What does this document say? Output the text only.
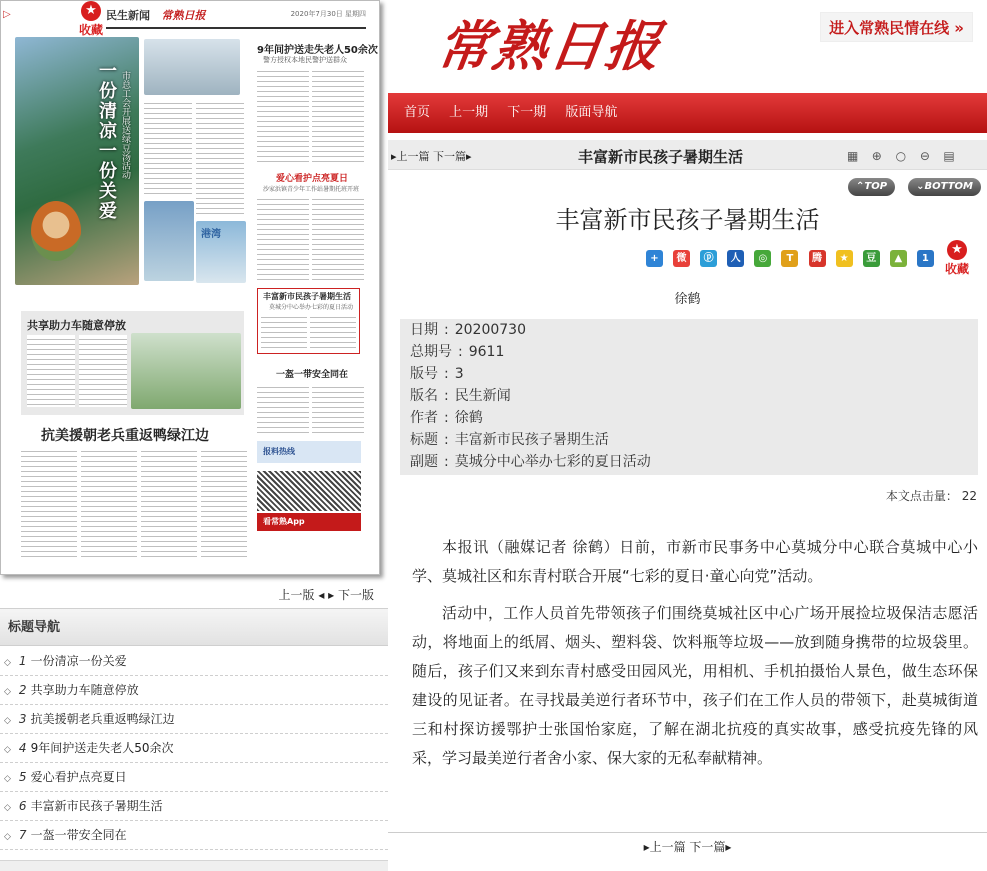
▷	★
收藏
民生新闻 常熟日报	2020年7月30日 星期四
一份清凉一份关爱 市总工会开展送绿豆汤活动
港湾
9年间护送走失老人50余次
警方授权本地民警护送群众
爱心看护点亮夏日
沙家浜镇青少年工作站暑期托班开班
丰富新市民孩子暑期生活
莫城分中心举办七彩的夏日活动
共享助力车随意停放
一盔一带安全同在
抗美援朝老兵重返鸭绿江边
报料热线
看常熟App
上一版 ◂ ▸ 下一版
标题导航
◇ 1 一份清凉一份关爱
◇ 2 共享助力车随意停放
◇ 3 抗美援朝老兵重返鸭绿江边
◇ 4 9年间护送走失老人50余次
◇ 5 爱心看护点亮夏日
◇ 6 丰富新市民孩子暑期生活
◇ 7 一盔一带安全同在
常熟日报	进入常熟民情在线 »
首页 上一期 下一期 版面导航
▸上一篇 下一篇▸	丰富新市民孩子暑期生活	▦ ⊕ ○ ⊖ ▤
⌃TOP	⌄BOTTOM
丰富新市民孩子暑期生活
+ 微 ⓟ 人 ◎ T 腾 ★ 豆 ▲ 1
★
收藏
徐鹤
日期 : 20200730
总期号 : 9611
版号 : 3
版名 : 民生新闻
作者 : 徐鹤
标题 : 丰富新市民孩子暑期生活
副题 : 莫城分中心举办七彩的夏日活动
本文点击量： 22

本报讯（融媒记者 徐鹤）日前，市新市民事务中心莫城分中心联合莫城中心小学、莫城社区和东青村联合开展“七彩的夏日·童心向党”活动。

活动中，工作人员首先带领孩子们围绕莫城社区中心广场开展捡垃圾保洁志愿活动，将地面上的纸屑、烟头、塑料袋、饮料瓶等垃圾——放到随身携带的垃圾袋里。随后，孩子们又来到东青村感受田园风光，用相机、手机拍摄怡人景色，做生态环保建设的见证者。在寻找最美逆行者环节中，孩子们在工作人员的带领下，赴莫城街道三和村探访援鄂护士张国怡家庭，了解在湖北抗疫的真实故事，感受抗疫先锋的风采，学习最美逆行者舍小家、保大家的无私奉献精神。

▸上一篇 下一篇▸
